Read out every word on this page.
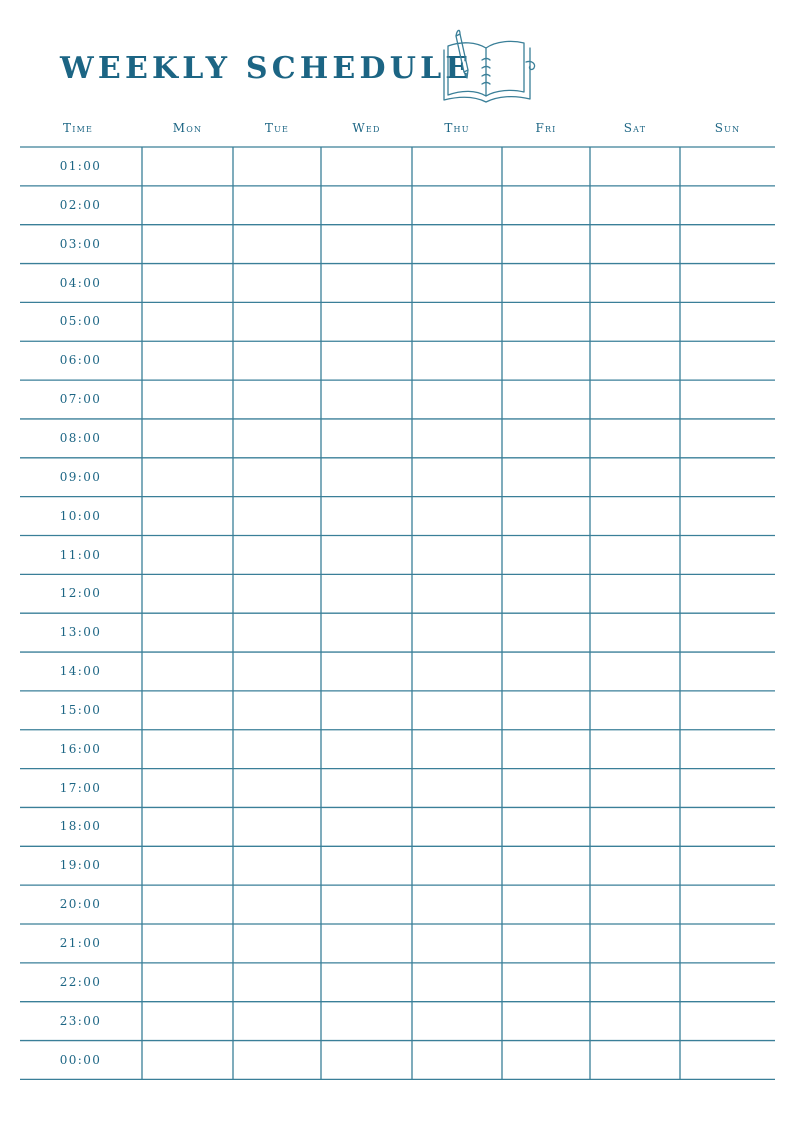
WEEKLY SCHEDULE
Time	Mon	Tue	Wed	Thu	Fri	Sat	Sun
01:00
02:00
03:00
04:00
05:00
06:00
07:00
08:00
09:00
10:00
11:00
12:00
13:00
14:00
15:00
16:00
17:00
18:00
19:00
20:00
21:00
22:00
23:00
00:00
